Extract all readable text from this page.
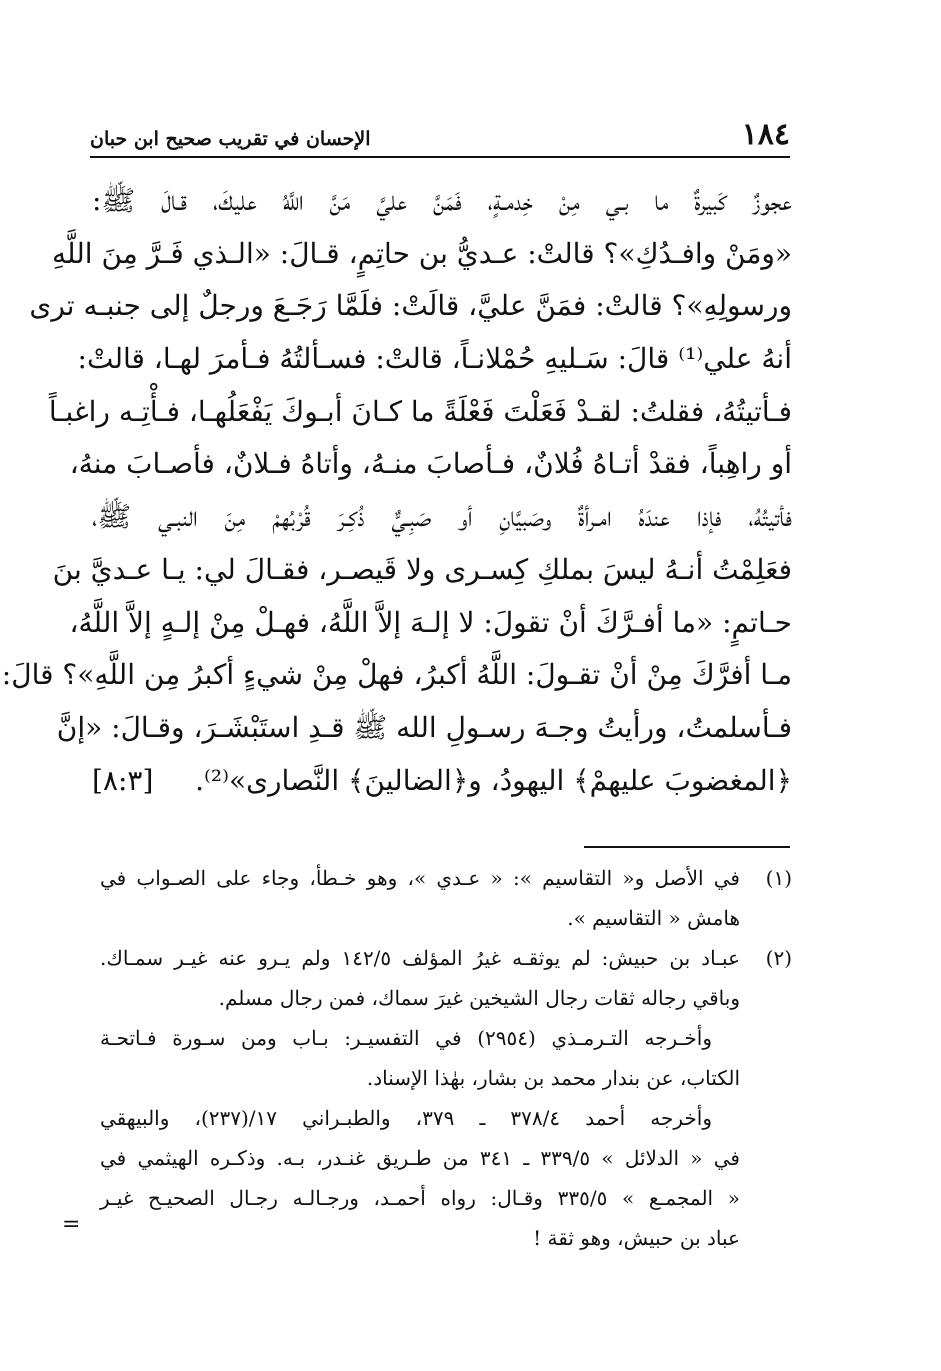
١٨٤
الإحسان في تقريب صحيح ابن حبان
عجوزٌ كَبيرةٌ ما بـي مِنْ خِدمـةٍ، فَمَنَّ عليَّ مَنَّ اللَّهُ عليكَ، قـالَ ﷺ:
«ومَنْ وافـدُكِ»؟ قالتْ: عـديُّ بن حاتِمٍ، قـالَ: «الـذي فَـرَّ مِنَ اللَّهِ
ورسولِهِ»؟ قالتْ: فمَنَّ عليَّ، قالَتْ: فلَمَّا رَجَـعَ ورجلٌ إلى جنبـه ترى
أنهُ علي⁽¹⁾ قالَ: سَـليهِ حُمْلانـاً، قالتْ: فسـألتُهُ فـأمرَ لهـا، قالتْ:
فـأتيتُهُ، فقلتُ: لقـدْ فَعَلْتَ فَعْلَةً ما كـانَ أبـوكَ يَفْعَلُهـا، فـأْتِـه راغبـاً
أو راهِباً، فقدْ أتـاهُ فُلانٌ، فـأصابَ منـهُ، وأتاهُ فـلانٌ، فأصـابَ منهُ،
فأتيتُهُ، فإذا عندَهُ امـرأةٌ وصَبيَّانِ أو صَبِـيٌّ ذُكِـرَ قُرْبُهمْ مِنَ النبـي ﷺ،
فعَلِمْتُ أنـهُ ليسَ بملكِ كِسـرى ولا قَيصـر، فقـالَ لي: يـا عـديَّ بنَ
حـاتمٍ: «ما أفـرَّكَ أنْ تقولَ: لا إلـهَ إلاَّ اللَّهُ، فهـلْ مِنْ إلـهٍ إلاَّ اللَّهُ،
مـا أفرَّكَ مِنْ أنْ تقـولَ: اللَّهُ أكبرُ، فهلْ مِنْ شيءٍ أكبرُ مِن اللَّهِ»؟ قالَ:
فـأسلمتُ، ورأيتُ وجـهَ رسـولِ الله ﷺ قـدِ استَبْشَـرَ، وقـالَ: «إنَّ
﴿المغضوبَ عليهمْ﴾ اليهودُ، و﴿الضالينَ﴾ النَّصارى»⁽²⁾.
[٨:٣]
(١)
في الأصل و« التقاسيم »: « عـدي »، وهو خـطأ، وجاء على الصـواب في
هامش « التقاسيم ».
(٢)
عبـاد بن حبيش: لم يوثقـه غيرُ المؤلف ١٤٢/٥ ولم يـرو عنه غيـر سمـاك.
وباقي رجاله ثقات رجال الشيخين غيرَ سماك، فمن رجال مسلم.
وأخـرجه التـرمـذي (٢٩٥٤) في التفسيـر: بـاب ومن سـورة فـاتحـة
الكتاب، عن بندار محمد بن بشار، بهٰذا الإسناد.
وأخرجه أحمد ٣٧٨/٤ ـ ٣٧٩، والطبـراني ١٧/(٢٣٧)، والبيهقي
في « الدلائل » ٣٣٩/٥ ـ ٣٤١ من طـريق غنـدر، بـه. وذكـره الهيثمي في
« المجمـع » ٣٣٥/٥ وقـال: رواه أحمـد، ورجـالـه رجـال الصحيـح غيـر
عباد بن حبيش، وهو ثقة !
=
